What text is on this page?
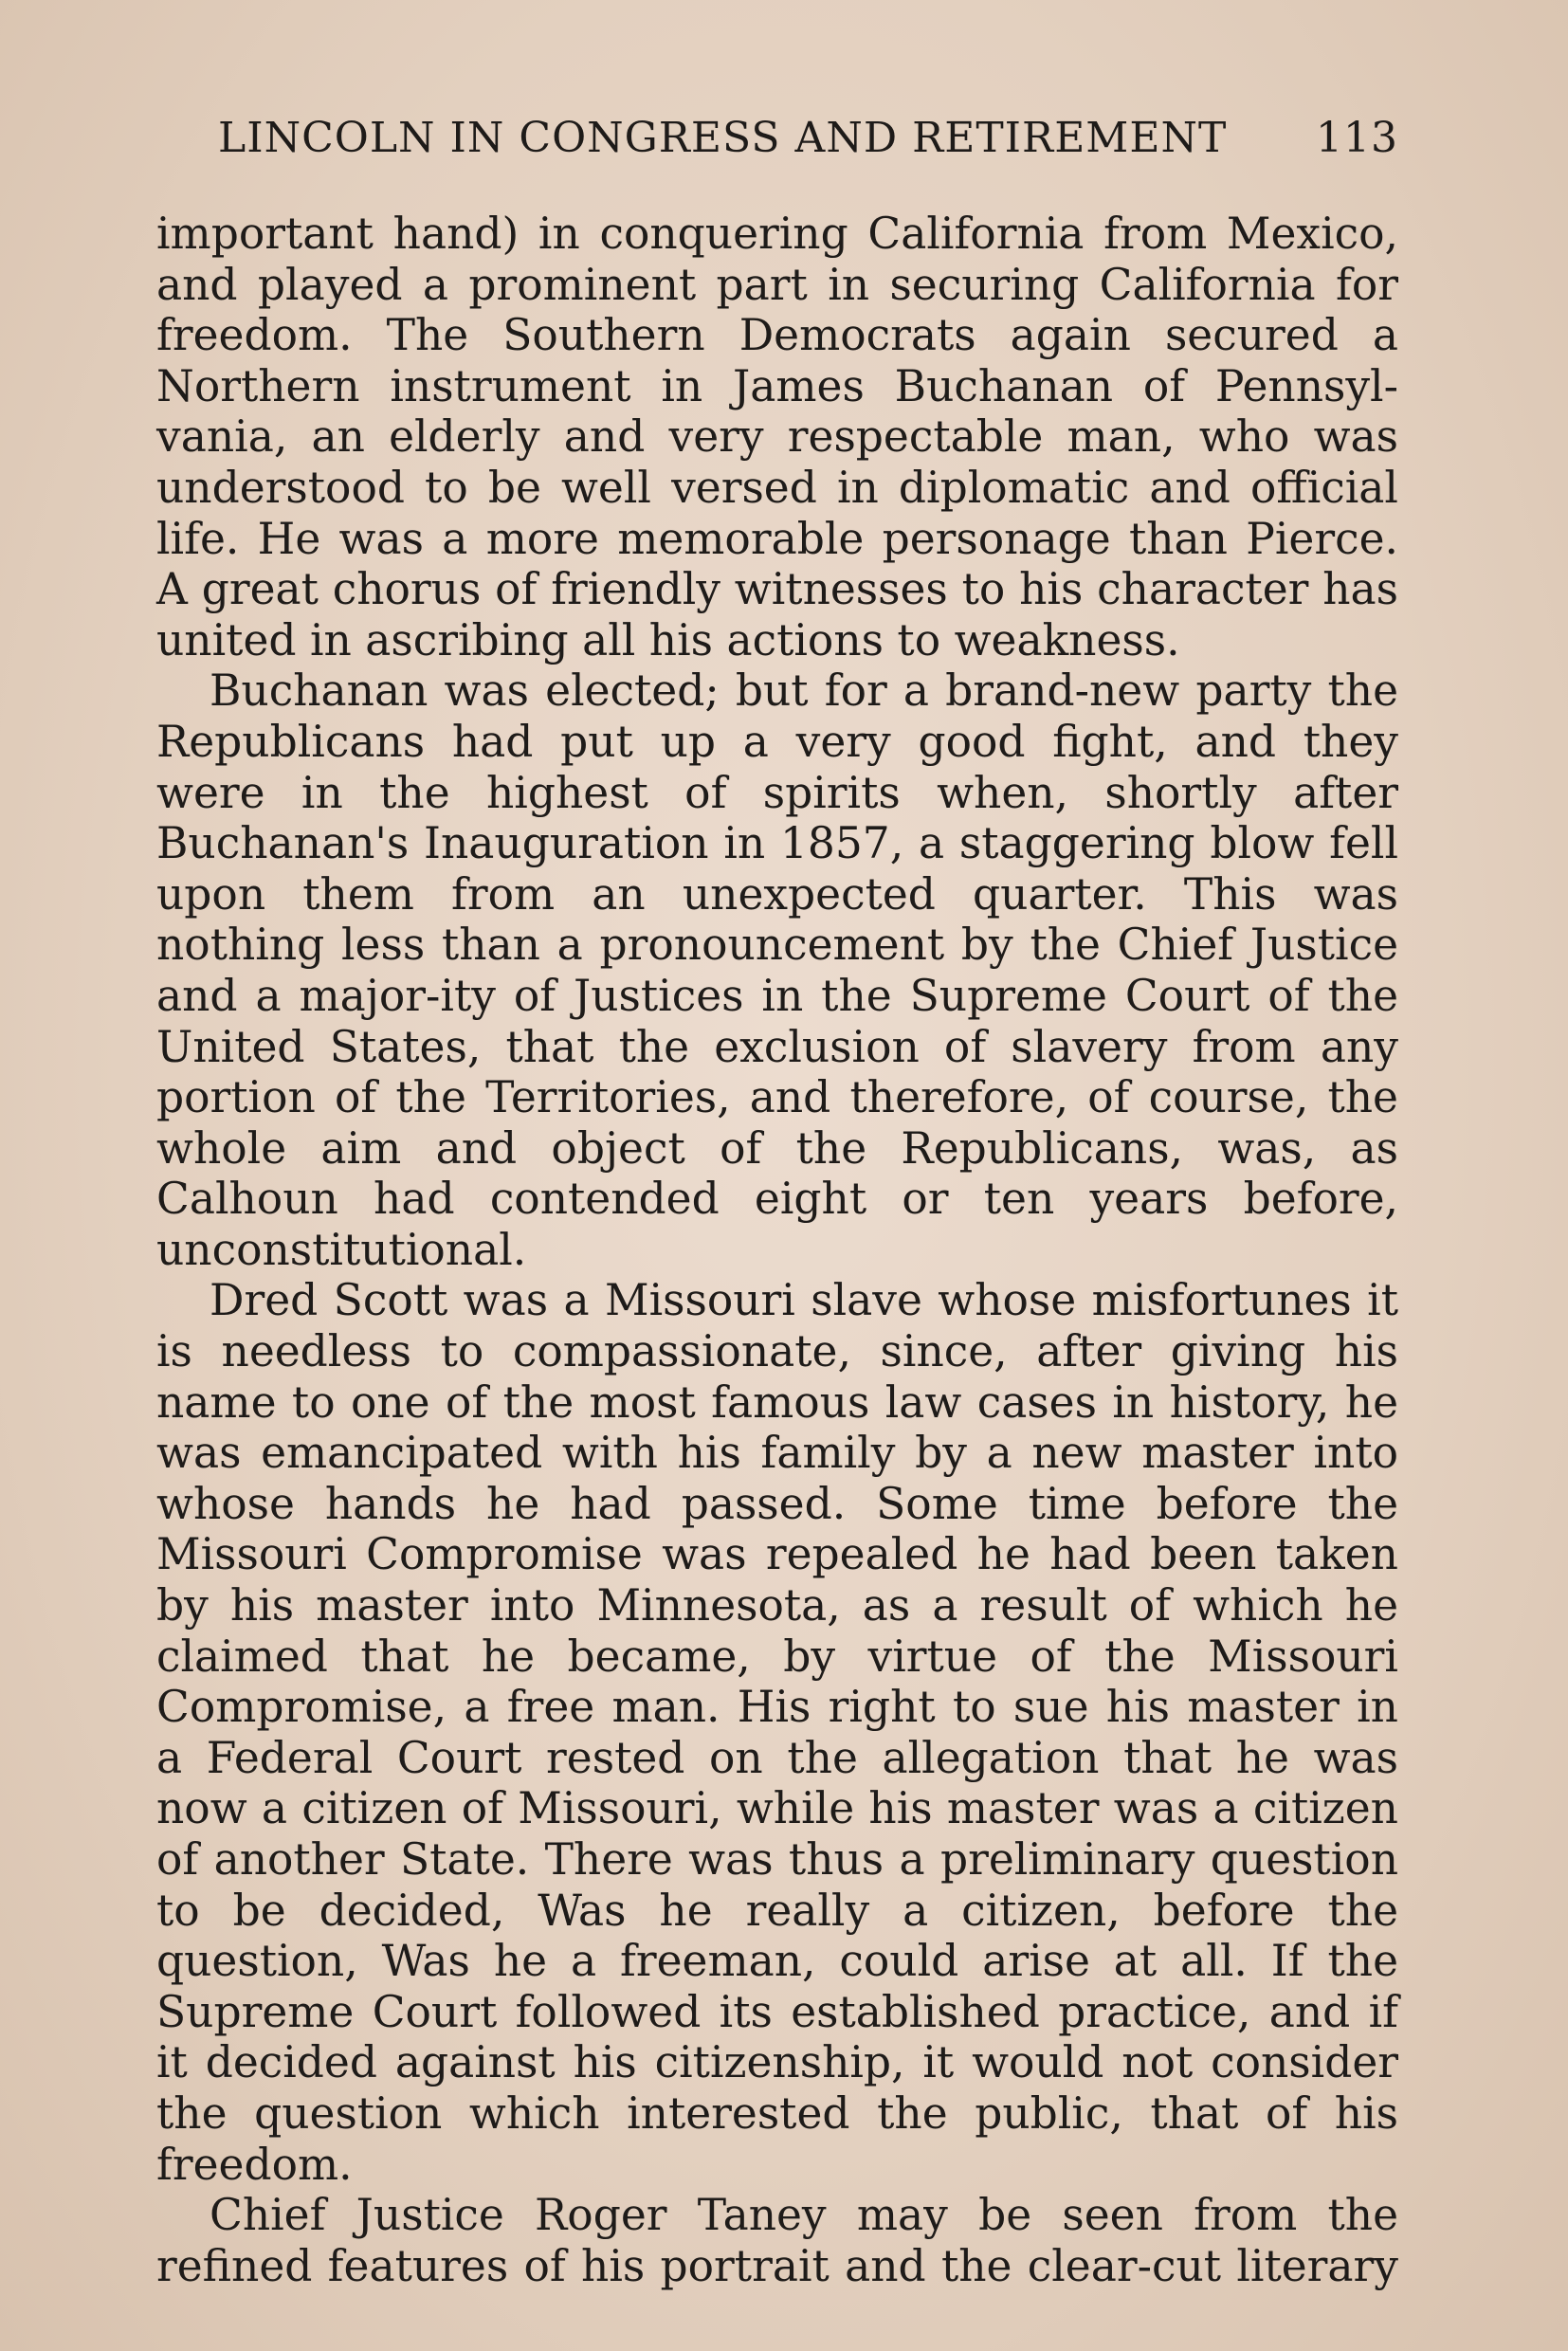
LINCOLN IN CONGRESS AND RETIREMENT 113

important hand) in conquering California from Mexico, and played a prominent part in securing California for freedom. The Southern Democrats again secured a Northern instrument in James Buchanan of Pennsyl-vania, an elderly and very respectable man, who was understood to be well versed in diplomatic and official life. He was a more memorable personage than Pierce. A great chorus of friendly witnesses to his character has united in ascribing all his actions to weakness.

Buchanan was elected; but for a brand-new party the Republicans had put up a very good fight, and they were in the highest of spirits when, shortly after Buchanan's Inauguration in 1857, a staggering blow fell upon them from an unexpected quarter. This was nothing less than a pronouncement by the Chief Justice and a major-ity of Justices in the Supreme Court of the United States, that the exclusion of slavery from any portion of the Territories, and therefore, of course, the whole aim and object of the Republicans, was, as Calhoun had contended eight or ten years before, unconstitutional.

Dred Scott was a Missouri slave whose misfortunes it is needless to compassionate, since, after giving his name to one of the most famous law cases in history, he was emancipated with his family by a new master into whose hands he had passed. Some time before the Missouri Compromise was repealed he had been taken by his master into Minnesota, as a result of which he claimed that he became, by virtue of the Missouri Compromise, a free man. His right to sue his master in a Federal Court rested on the allegation that he was now a citizen of Missouri, while his master was a citizen of another State. There was thus a preliminary question to be decided, Was he really a citizen, before the question, Was he a freeman, could arise at all. If the Supreme Court followed its established practice, and if it decided against his citizenship, it would not consider the question which interested the public, that of his freedom.

Chief Justice Roger Taney may be seen from the refined features of his portrait and the clear-cut literary
